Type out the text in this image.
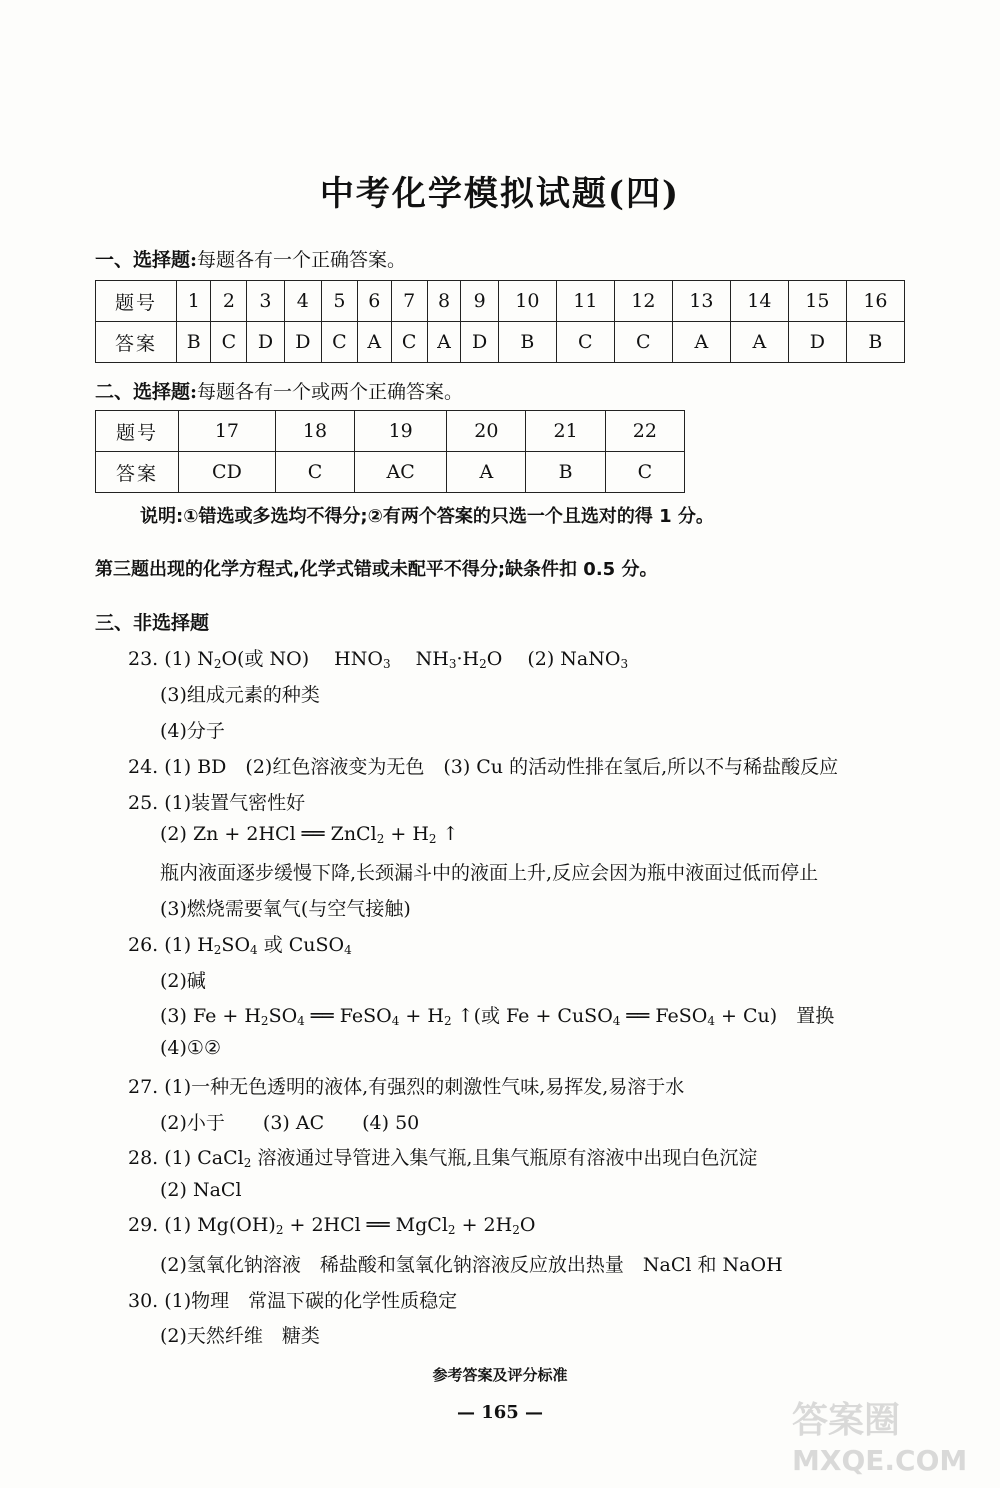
中考化学模拟试题(四)
一、选择题:每题各有一个正确答案。
题号	1	2	3	4	5	6	7	8	9	10	11	12	13	14	15	16
答案	B	C	D	D	C	A	C	A	D	B	C	C	A	A	D	B
二、选择题:每题各有一个或两个正确答案。
题号	17	18	19	20	21	22
答案	CD	C	AC	A	B	C
说明:①错选或多选均不得分;②有两个答案的只选一个且选对的得 1 分。
第三题出现的化学方程式,化学式错或未配平不得分;缺条件扣 0.5 分。
三、非选择题
23. (1) $N_2O$(或 NO)　 $HNO_3$　 $NH_3\cdot H_2O$　 (2) NaNO$_3$
(3)组成元素的种类
(4)分子
24. (1) BD　(2)红色溶液变为无色　(3) Cu 的活动性排在氢后,所以不与稀盐酸反应
25. (1)装置气密性好
(2) Zn + 2HCl ══ ZnCl$_2$ + $H_2$ ↑
瓶内液面逐步缓慢下降,长颈漏斗中的液面上升,反应会因为瓶中液面过低而停止
(3)燃烧需要氧气(与空气接触)
26. (1) $H_2SO_4$ 或 CuSO$_4$
(2)碱
(3) $Fe + H_2SO_4$ ══ FeSO$_4$ + $H_2$ ↑(或 Fe + CuSO$_4$ ══ FeSO$_4$ + Cu)　置换
(4)①②
27. (1)一种无色透明的液体,有强烈的刺激性气味,易挥发,易溶于水
(2)小于　　(3) AC　　(4) 50
28. (1) CaCl$_2$ 溶液通过导管进入集气瓶,且集气瓶原有溶液中出现白色沉淀
(2) NaCl
29. (1) $Mg(OH)_2 + 2HCl$ ══ MgCl$_2$ + $2H_2O$
(2)氢氧化钠溶液　稀盐酸和氢氧化钠溶液反应放出热量　NaCl 和 NaOH
30. (1)物理　常温下碳的化学性质稳定
(2)天然纤维　糖类
参考答案及评分标准
— 165 —	答案圈
MXQE.COM
